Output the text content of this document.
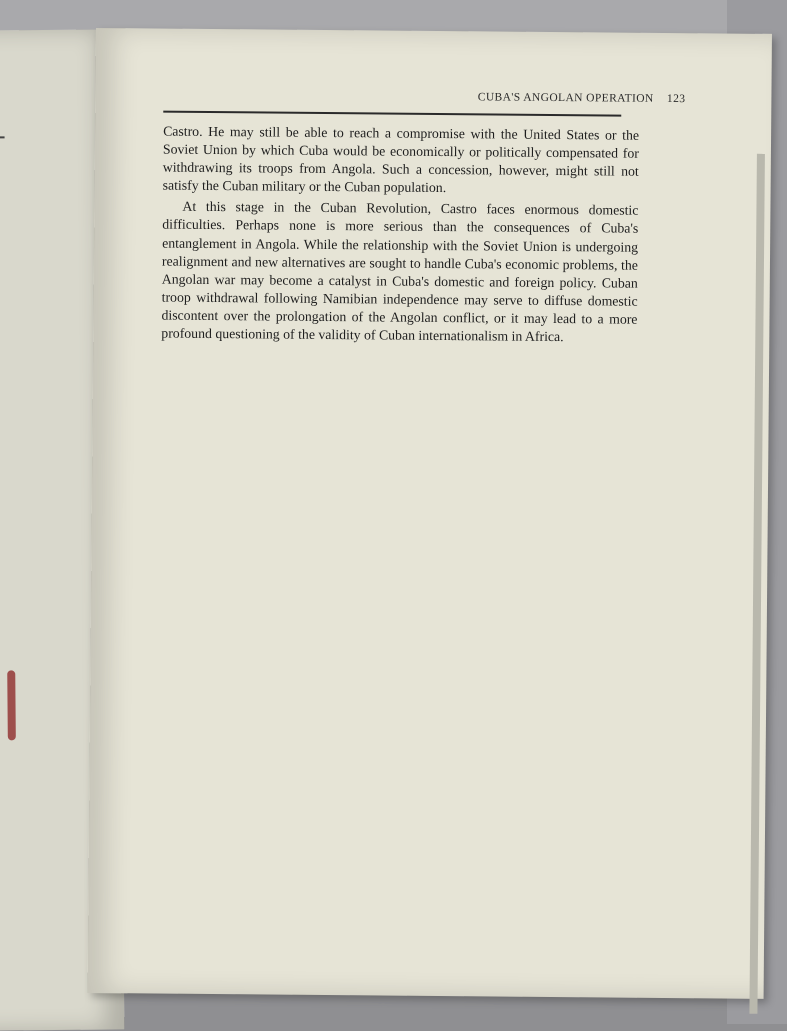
CUBA'S ANGOLAN OPERATION 123

Castro. He may still be able to reach a compromise with the United States or the Soviet Union by which Cuba would be economically or politically compensated for withdrawing its troops from Angola. Such a concession, however, might still not satisfy the Cuban military or the Cuban population.

At this stage in the Cuban Revolution, Castro faces enormous domestic difficulties. Perhaps none is more serious than the consequences of Cuba's entanglement in Angola. While the relationship with the Soviet Union is undergoing realignment and new alternatives are sought to handle Cuba's economic problems, the Angolan war may become a catalyst in Cuba's domestic and foreign policy. Cuban troop withdrawal following Namibian independence may serve to diffuse domestic discontent over the prolongation of the Angolan conflict, or it may lead to a more profound questioning of the validity of Cuban internationalism in Africa.
